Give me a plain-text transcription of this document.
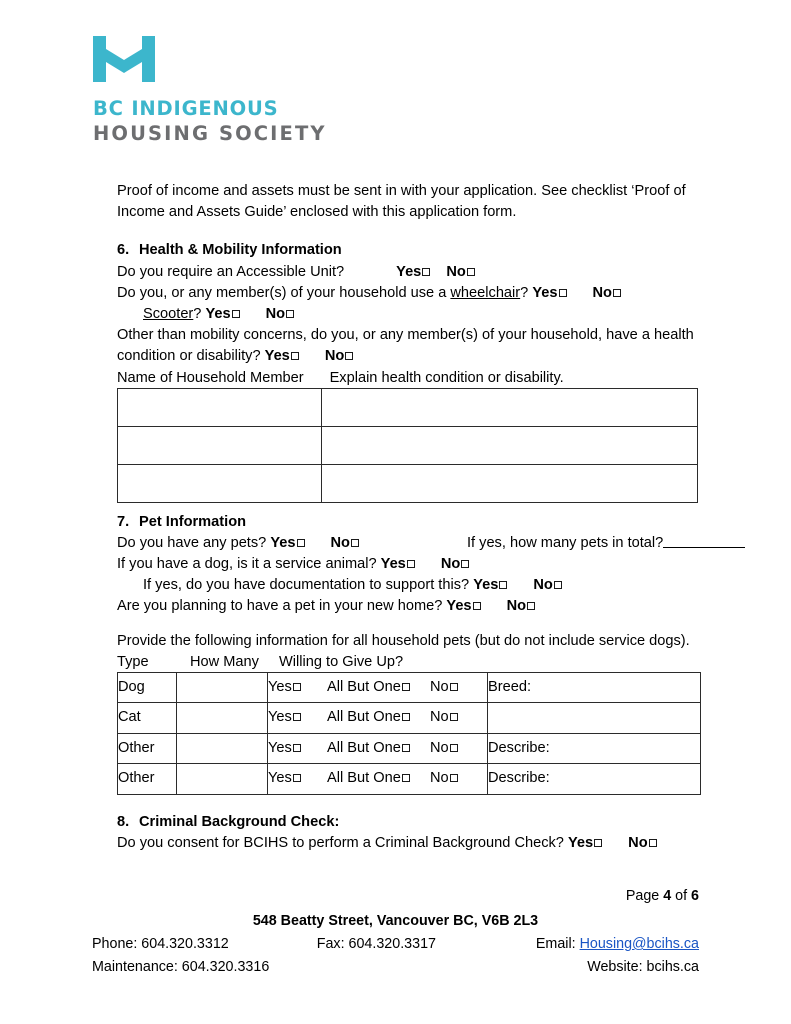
BC INDIGENOUS
HOUSING SOCIETY
Proof of income and assets must be sent in with your application. See checklist ‘Proof of Income and Assets Guide’ enclosed with this application form.
6. Health & Mobility Information
Do you require an Accessible Unit?	Yes No
Do you, or any member(s) of your household use a wheelchair? Yes No
Scooter? Yes No
Other than mobility concerns, do you, or any member(s) of your household, have a health condition or disability? Yes No
Name of Household Member Explain health condition or disability.

7. Pet Information
Do you have any pets? Yes No	If yes, how many pets in total?
If you have a dog, is it a service animal? Yes No
If yes, do you have documentation to support this? Yes No
Are you planning to have a pet in your new home? Yes No
Provide the following information for all household pets (but do not include service dogs).
Type	How Many Willing to Give Up?
Dog		Yes All But One No	Breed:
Cat		Yes All But One No	
Other		Yes All But One No	Describe:
Other		Yes All But One No	Describe:
8. Criminal Background Check:
Do you consent for BCIHS to perform a Criminal Background Check? Yes No
Page 4 of 6
548 Beatty Street, Vancouver BC, V6B 2L3
Phone: 604.320.3312	Fax: 604.320.3317	Email: Housing@bcihs.ca
Maintenance: 604.320.3316	Website: bcihs.ca
